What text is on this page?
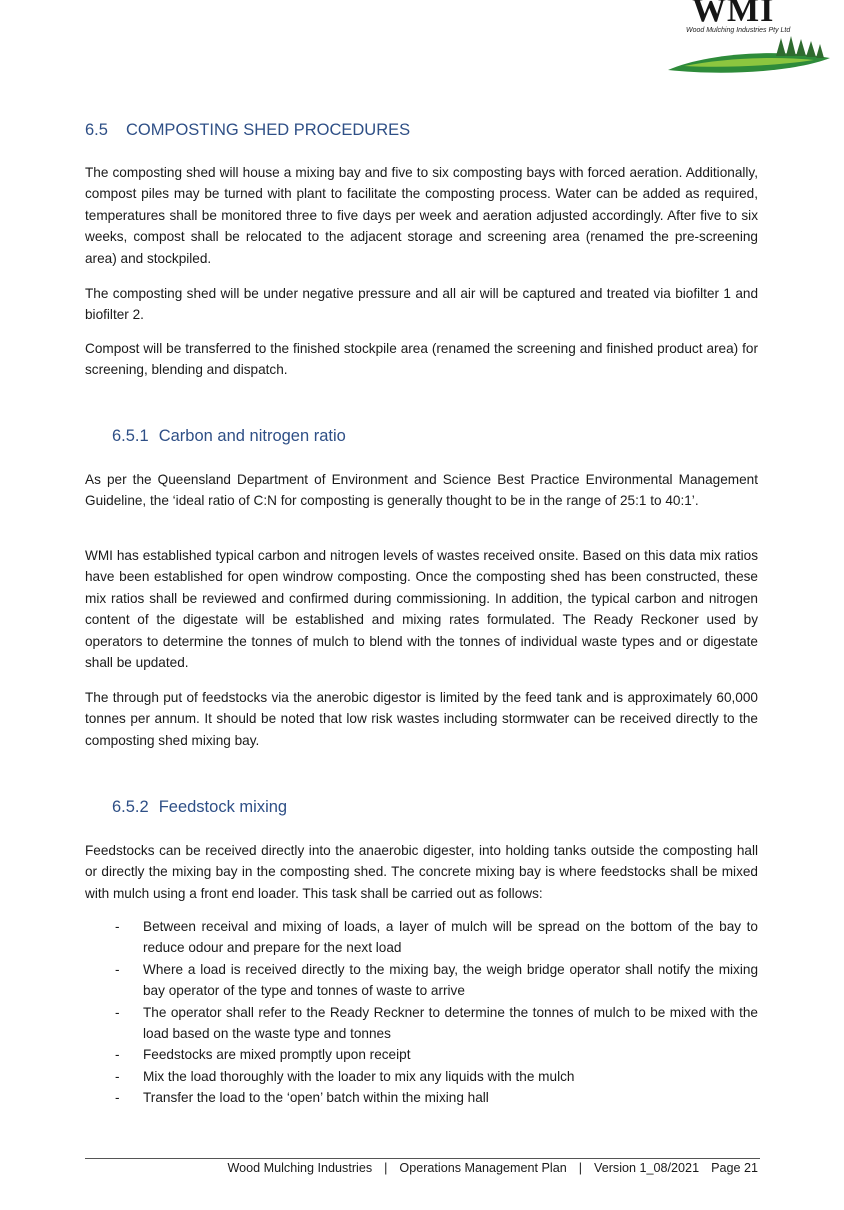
WMI
Wood Mulching Industries Pty Ltd
6.5 COMPOSTING SHED PROCEDURES

The composting shed will house a mixing bay and five to six composting bays with forced aeration. Additionally, compost piles may be turned with plant to facilitate the composting process. Water can be added as required, temperatures shall be monitored three to five days per week and aeration adjusted accordingly. After five to six weeks, compost shall be relocated to the adjacent storage and screening area (renamed the pre-screening area) and stockpiled.

The composting shed will be under negative pressure and all air will be captured and treated via biofilter 1 and biofilter 2.

Compost will be transferred to the finished stockpile area (renamed the screening and finished product area) for screening, blending and dispatch.

6.5.1 Carbon and nitrogen ratio

As per the Queensland Department of Environment and Science Best Practice Environmental Management Guideline, the ‘ideal ratio of C:N for composting is generally thought to be in the range of 25:1 to 40:1’.

WMI has established typical carbon and nitrogen levels of wastes received onsite. Based on this data mix ratios have been established for open windrow composting. Once the composting shed has been constructed, these mix ratios shall be reviewed and confirmed during commissioning. In addition, the typical carbon and nitrogen content of the digestate will be established and mixing rates formulated. The Ready Reckoner used by operators to determine the tonnes of mulch to blend with the tonnes of individual waste types and or digestate shall be updated.

The through put of feedstocks via the anerobic digestor is limited by the feed tank and is approximately 60,000 tonnes per annum. It should be noted that low risk wastes including stormwater can be received directly to the composting shed mixing bay.

6.5.2 Feedstock mixing

Feedstocks can be received directly into the anaerobic digester, into holding tanks outside the composting hall or directly the mixing bay in the composting shed. The concrete mixing bay is where feedstocks shall be mixed with mulch using a front end loader. This task shall be carried out as follows:

- Between receival and mixing of loads, a layer of mulch will be spread on the bottom of the bay to reduce odour and prepare for the next load
- Where a load is received directly to the mixing bay, the weigh bridge operator shall notify the mixing bay operator of the type and tonnes of waste to arrive
- The operator shall refer to the Ready Reckner to determine the tonnes of mulch to be mixed with the load based on the waste type and tonnes
- Feedstocks are mixed promptly upon receipt
- Mix the load thoroughly with the loader to mix any liquids with the mulch
- Transfer the load to the ‘open’ batch within the mixing hall
Wood Mulching Industries | Operations Management Plan | Version 1_08/2021 Page 21
